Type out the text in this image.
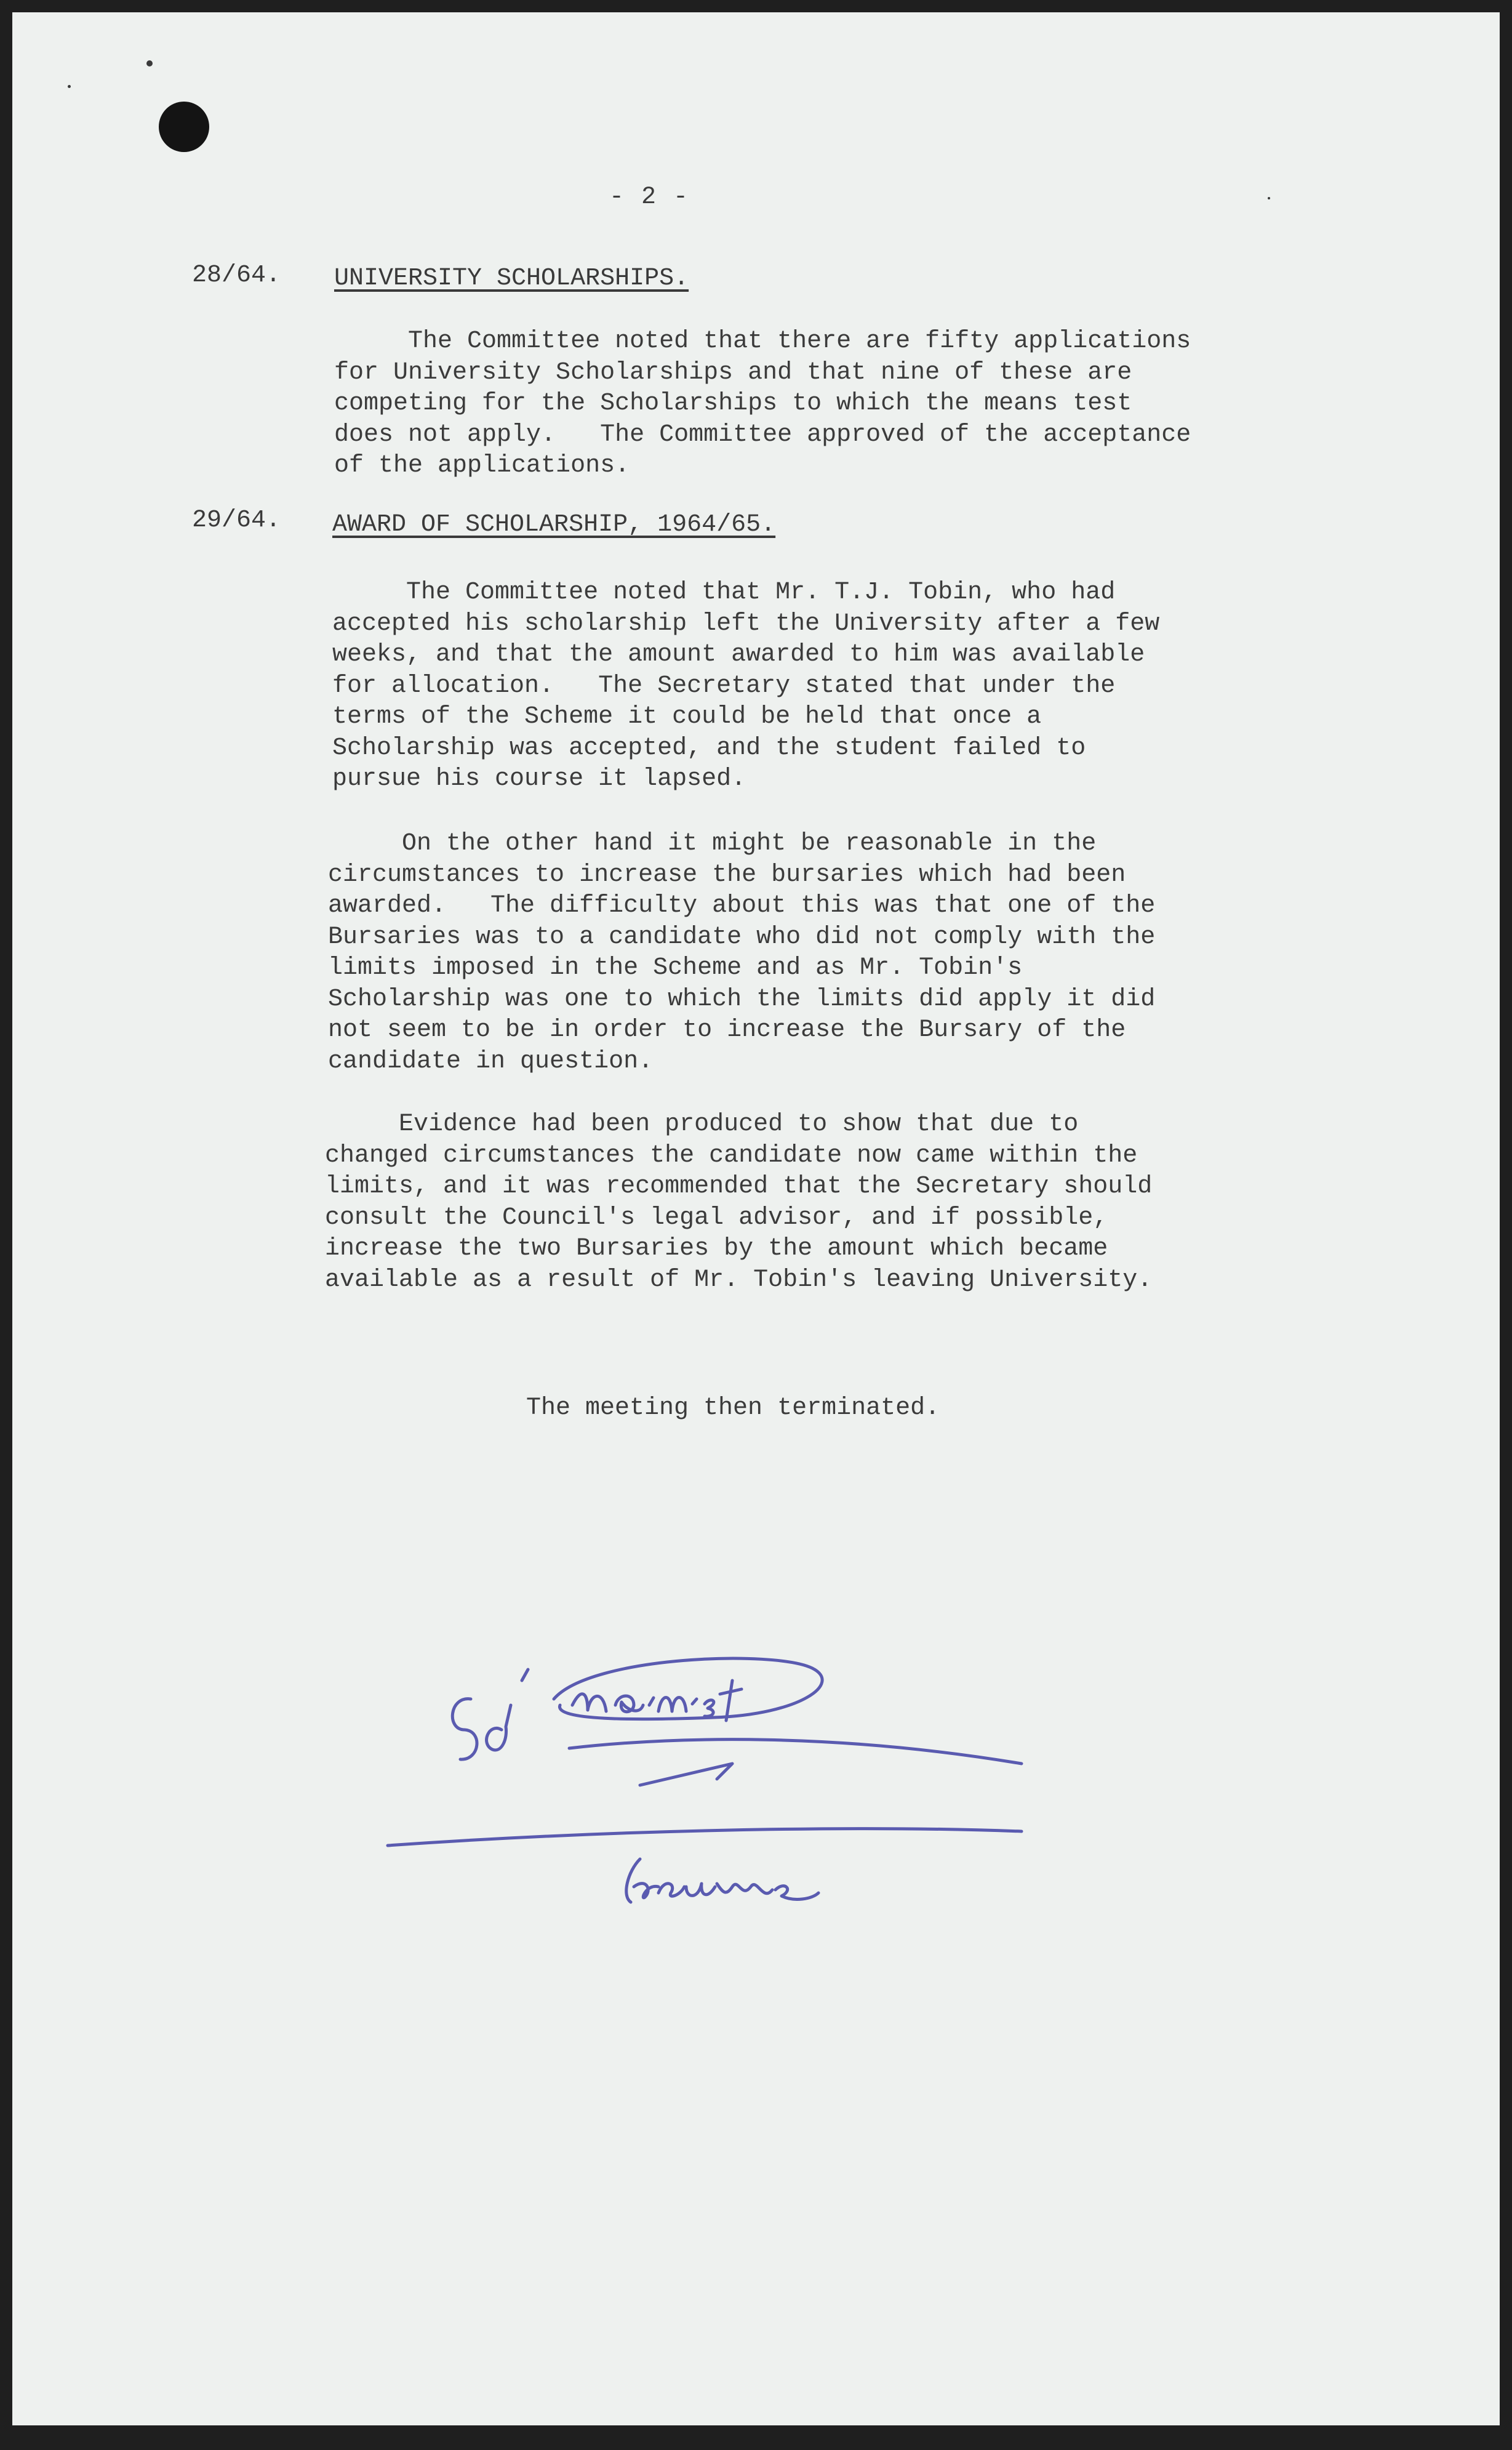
- 2 -
28/64. UNIVERSITY SCHOLARSHIPS.

The Committee noted that there are fifty applications
for University Scholarships and that nine of these are
competing for the Scholarships to which the means test
does not apply.   The Committee approved of the acceptance
of the applications.

29/64. AWARD OF SCHOLARSHIP, 1964/65.

The Committee noted that Mr. T.J. Tobin, who had
accepted his scholarship left the University after a few
weeks, and that the amount awarded to him was available
for allocation.   The Secretary stated that under the
terms of the Scheme it could be held that once a
Scholarship was accepted, and the student failed to
pursue his course it lapsed.

On the other hand it might be reasonable in the
circumstances to increase the bursaries which had been
awarded.   The difficulty about this was that one of the
Bursaries was to a candidate who did not comply with the
limits imposed in the Scheme and as Mr. Tobin's
Scholarship was one to which the limits did apply it did
not seem to be in order to increase the Bursary of the
candidate in question.

Evidence had been produced to show that due to
changed circumstances the candidate now came within the
limits, and it was recommended that the Secretary should
consult the Council's legal advisor, and if possible,
increase the two Bursaries by the amount which became
available as a result of Mr. Tobin's leaving University.

The meeting then terminated.
